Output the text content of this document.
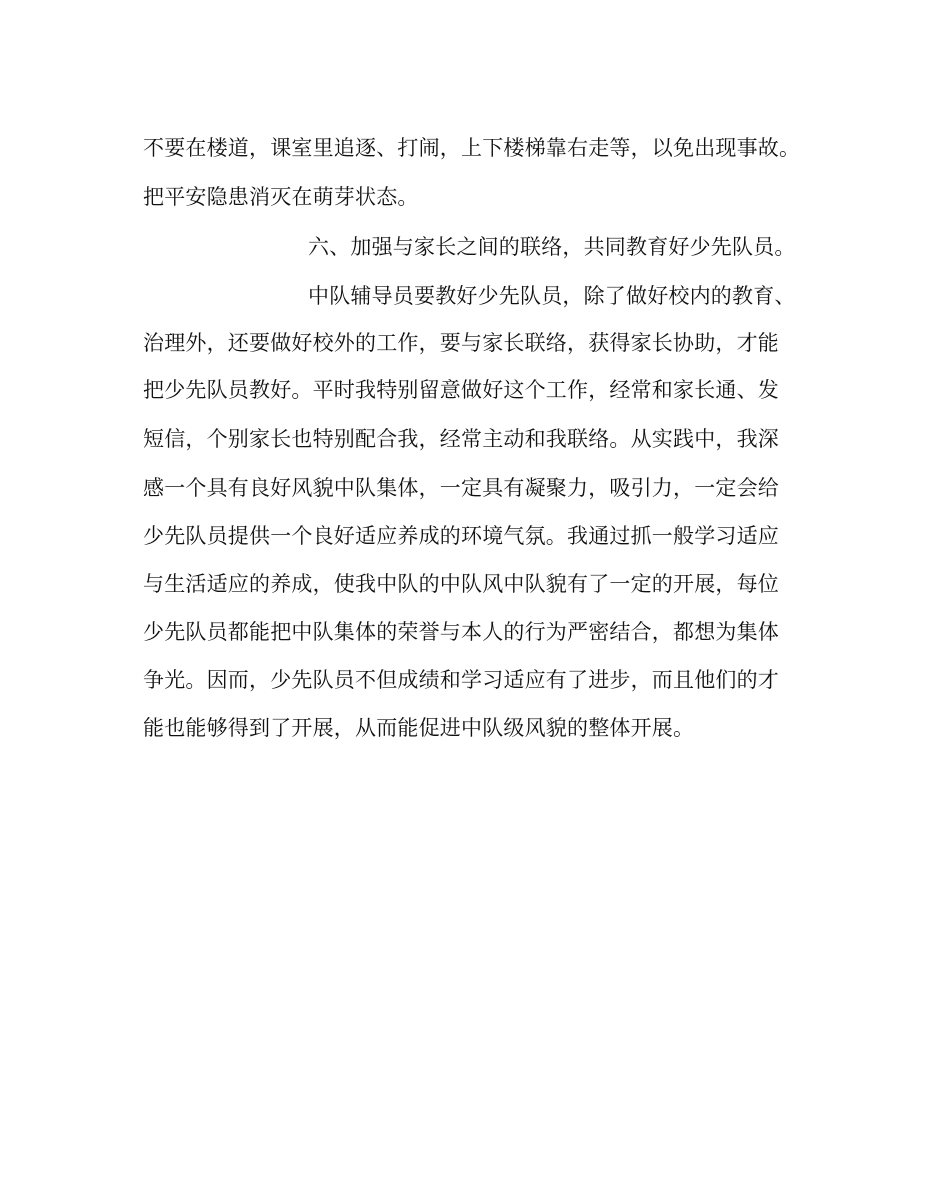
不要在楼道，课室里追逐、打闹，上下楼梯靠右走等，以免出现事故。
把平安隐患消灭在萌芽状态。
六、加强与家长之间的联络，共同教育好少先队员。
中队辅导员要教好少先队员，除了做好校内的教育、
治理外，还要做好校外的工作，要与家长联络，获得家长协助，才能
把少先队员教好。平时我特别留意做好这个工作，经常和家长通、发
短信，个别家长也特别配合我，经常主动和我联络。从实践中，我深
感一个具有良好风貌中队集体，一定具有凝聚力，吸引力，一定会给
少先队员提供一个良好适应养成的环境气氛。我通过抓一般学习适应
与生活适应的养成，使我中队的中队风中队貌有了一定的开展，每位
少先队员都能把中队集体的荣誉与本人的行为严密结合，都想为集体
争光。因而，少先队员不但成绩和学习适应有了进步，而且他们的才
能也能够得到了开展，从而能促进中队级风貌的整体开展。
